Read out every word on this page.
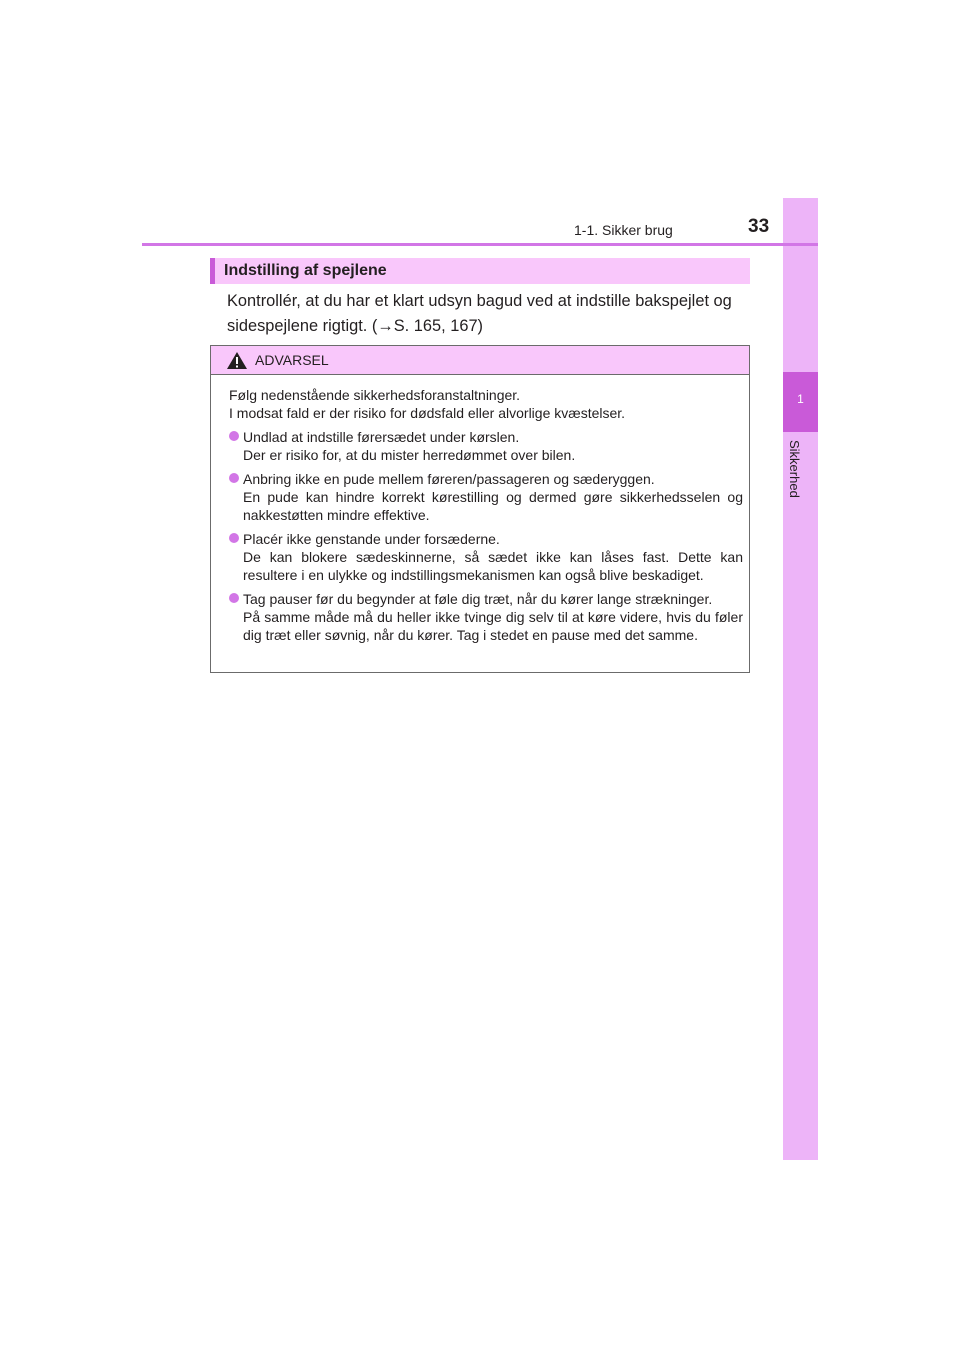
1
Sikkerhed
1-1. Sikker brug	33
Indstilling af spejlene
Kontrollér, at du har et klart udsyn bagud ved at indstille bakspejlet og
sidespejlene rigtigt. (→S. 165, 167)
ADVARSEL

Følg nedenstående sikkerhedsforanstaltninger.

I modsat fald er der risiko for dødsfald eller alvorlige kvæstelser.

Undlad at indstille førersædet under kørslen.
Der er risiko for, at du mister herredømmet over bilen.
Anbring ikke en pude mellem føreren/passageren og sæderyggen.
En pude kan hindre korrekt kørestilling og dermed gøre sikkerhedsselen og nakkestøtten mindre effektive.
Placér ikke genstande under forsæderne.
De kan blokere sædeskinnerne, så sædet ikke kan låses fast. Dette kan resultere i en ulykke og indstillingsmekanismen kan også blive beskadiget.
Tag pauser før du begynder at føle dig træt, når du kører lange strækninger.
På samme måde må du heller ikke tvinge dig selv til at køre videre, hvis du føler dig træt eller søvnig, når du kører. Tag i stedet en pause med det samme.
